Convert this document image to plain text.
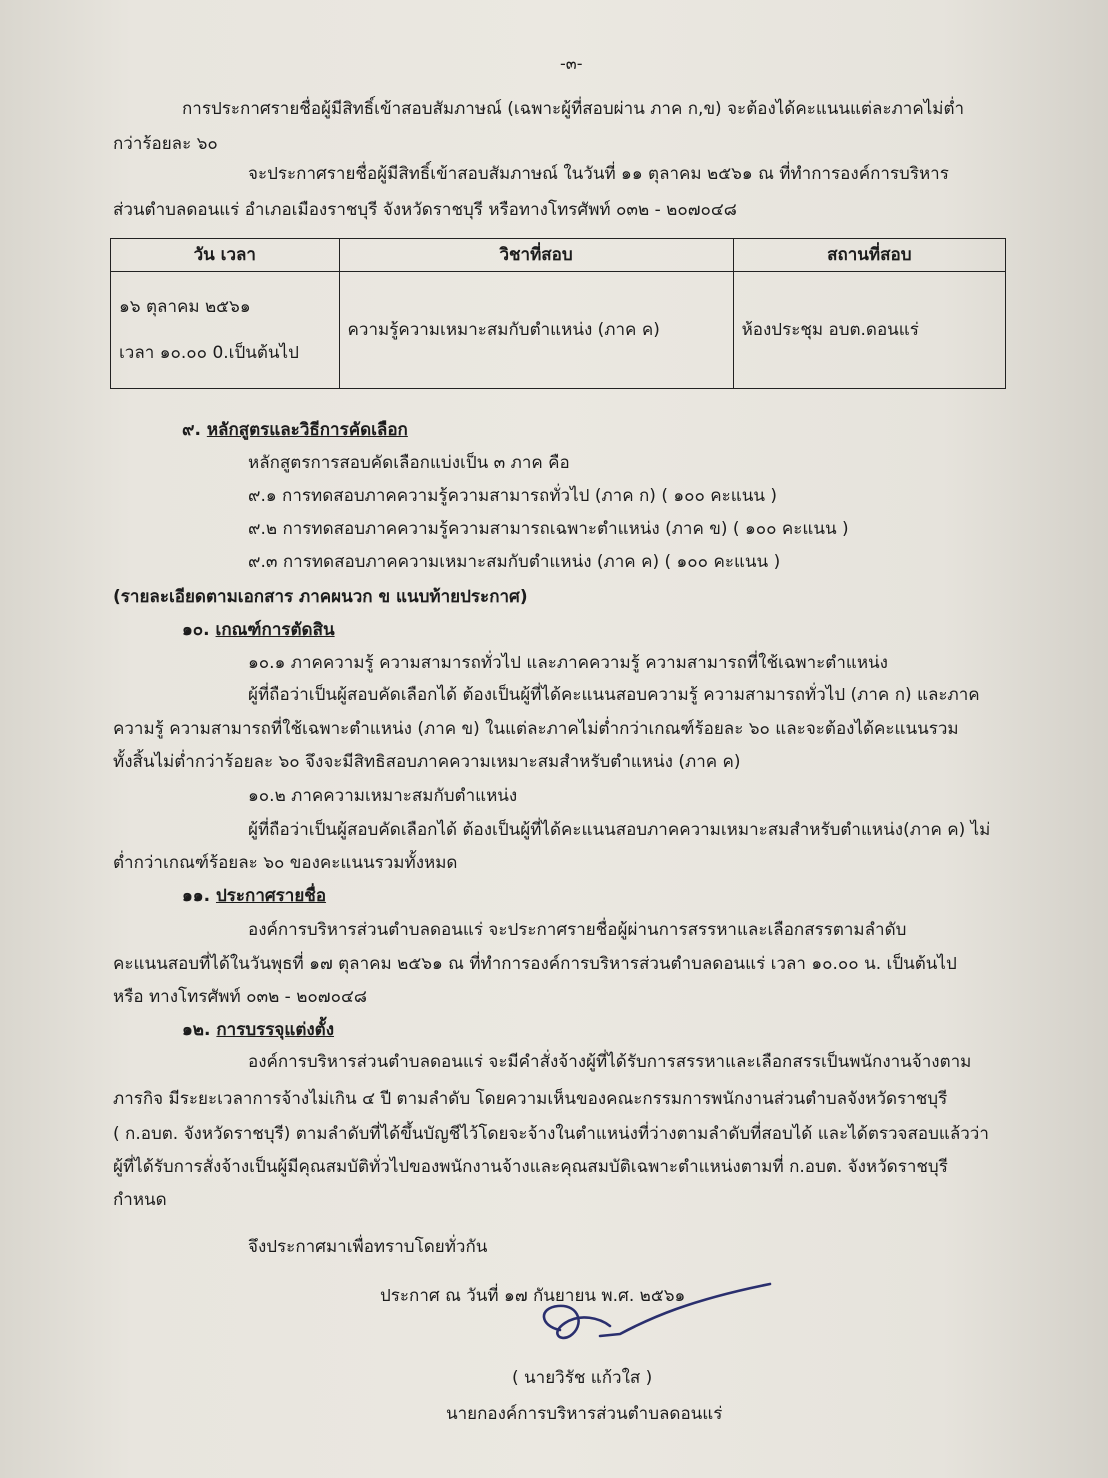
-๓-
การประกาศรายชื่อผู้มีสิทธิ์เข้าสอบสัมภาษณ์ (เฉพาะผู้ที่สอบผ่าน ภาค ก,ข) จะต้องได้คะแนนแต่ละภาคไม่ต่ำ
กว่าร้อยละ ๖๐
จะประกาศรายชื่อผู้มีสิทธิ์เข้าสอบสัมภาษณ์ ในวันที่ ๑๑ ตุลาคม ๒๕๖๑ ณ ที่ทำการองค์การบริหาร
ส่วนตำบลดอนแร่ อำเภอเมืองราชบุรี จังหวัดราชบุรี หรือทางโทรศัพท์ ๐๓๒ - ๒๐๗๐๔๘
วัน เวลา	วิชาที่สอบ	สถานที่สอบ

๑๖ ตุลาคม ๒๕๖๑
เวลา ๑๐.๐๐ 0.เป็นต้นไป	ความรู้ความเหมาะสมกับตำแหน่ง (ภาค ค)	ห้องประชุม อบต.ดอนแร่
๙. หลักสูตรและวิธีการคัดเลือก
หลักสูตรการสอบคัดเลือกแบ่งเป็น ๓ ภาค คือ
๙.๑ การทดสอบภาคความรู้ความสามารถทั่วไป (ภาค ก) ( ๑๐๐ คะแนน )
๙.๒ การทดสอบภาคความรู้ความสามารถเฉพาะตำแหน่ง (ภาค ข) ( ๑๐๐ คะแนน )
๙.๓ การทดสอบภาคความเหมาะสมกับตำแหน่ง (ภาค ค) ( ๑๐๐ คะแนน )
(รายละเอียดตามเอกสาร ภาคผนวก ข แนบท้ายประกาศ)
๑๐. เกณฑ์การตัดสิน
๑๐.๑ ภาคความรู้ ความสามารถทั่วไป และภาคความรู้ ความสามารถที่ใช้เฉพาะตำแหน่ง
ผู้ที่ถือว่าเป็นผู้สอบคัดเลือกได้ ต้องเป็นผู้ที่ได้คะแนนสอบความรู้ ความสามารถทั่วไป (ภาค ก) และภาค
ความรู้ ความสามารถที่ใช้เฉพาะตำแหน่ง (ภาค ข) ในแต่ละภาคไม่ต่ำกว่าเกณฑ์ร้อยละ ๖๐ และจะต้องได้คะแนนรวม
ทั้งสิ้นไม่ต่ำกว่าร้อยละ ๖๐ จึงจะมีสิทธิสอบภาคความเหมาะสมสำหรับตำแหน่ง (ภาค ค)
๑๐.๒ ภาคความเหมาะสมกับตำแหน่ง
ผู้ที่ถือว่าเป็นผู้สอบคัดเลือกได้ ต้องเป็นผู้ที่ได้คะแนนสอบภาคความเหมาะสมสำหรับตำแหน่ง(ภาค ค) ไม่
ต่ำกว่าเกณฑ์ร้อยละ ๖๐ ของคะแนนรวมทั้งหมด
๑๑. ประกาศรายชื่อ
องค์การบริหารส่วนตำบลดอนแร่ จะประกาศรายชื่อผู้ผ่านการสรรหาและเลือกสรรตามลำดับ
คะแนนสอบที่ได้ในวันพุธที่ ๑๗ ตุลาคม ๒๕๖๑ ณ ที่ทำการองค์การบริหารส่วนตำบลดอนแร่ เวลา ๑๐.๐๐ น. เป็นต้นไป
หรือ ทางโทรศัพท์ ๐๓๒ - ๒๐๗๐๔๘
๑๒. การบรรจุแต่งตั้ง
องค์การบริหารส่วนตำบลดอนแร่ จะมีคำสั่งจ้างผู้ที่ได้รับการสรรหาและเลือกสรรเป็นพนักงานจ้างตาม
ภารกิจ มีระยะเวลาการจ้างไม่เกิน ๔ ปี ตามลำดับ โดยความเห็นของคณะกรรมการพนักงานส่วนตำบลจังหวัดราชบุรี
( ก.อบต. จังหวัดราชบุรี) ตามลำดับที่ได้ขึ้นบัญชีไว้โดยจะจ้างในตำแหน่งที่ว่างตามลำดับที่สอบได้ และได้ตรวจสอบแล้วว่า
ผู้ที่ได้รับการสั่งจ้างเป็นผู้มีคุณสมบัติทั่วไปของพนักงานจ้างและคุณสมบัติเฉพาะตำแหน่งตามที่ ก.อบต. จังหวัดราชบุรี
กำหนด
จึงประกาศมาเพื่อทราบโดยทั่วกัน
ประกาศ ณ วันที่ ๑๗ กันยายน พ.ศ. ๒๕๖๑
( นายวิรัช แก้วใส )
นายกองค์การบริหารส่วนตำบลดอนแร่
